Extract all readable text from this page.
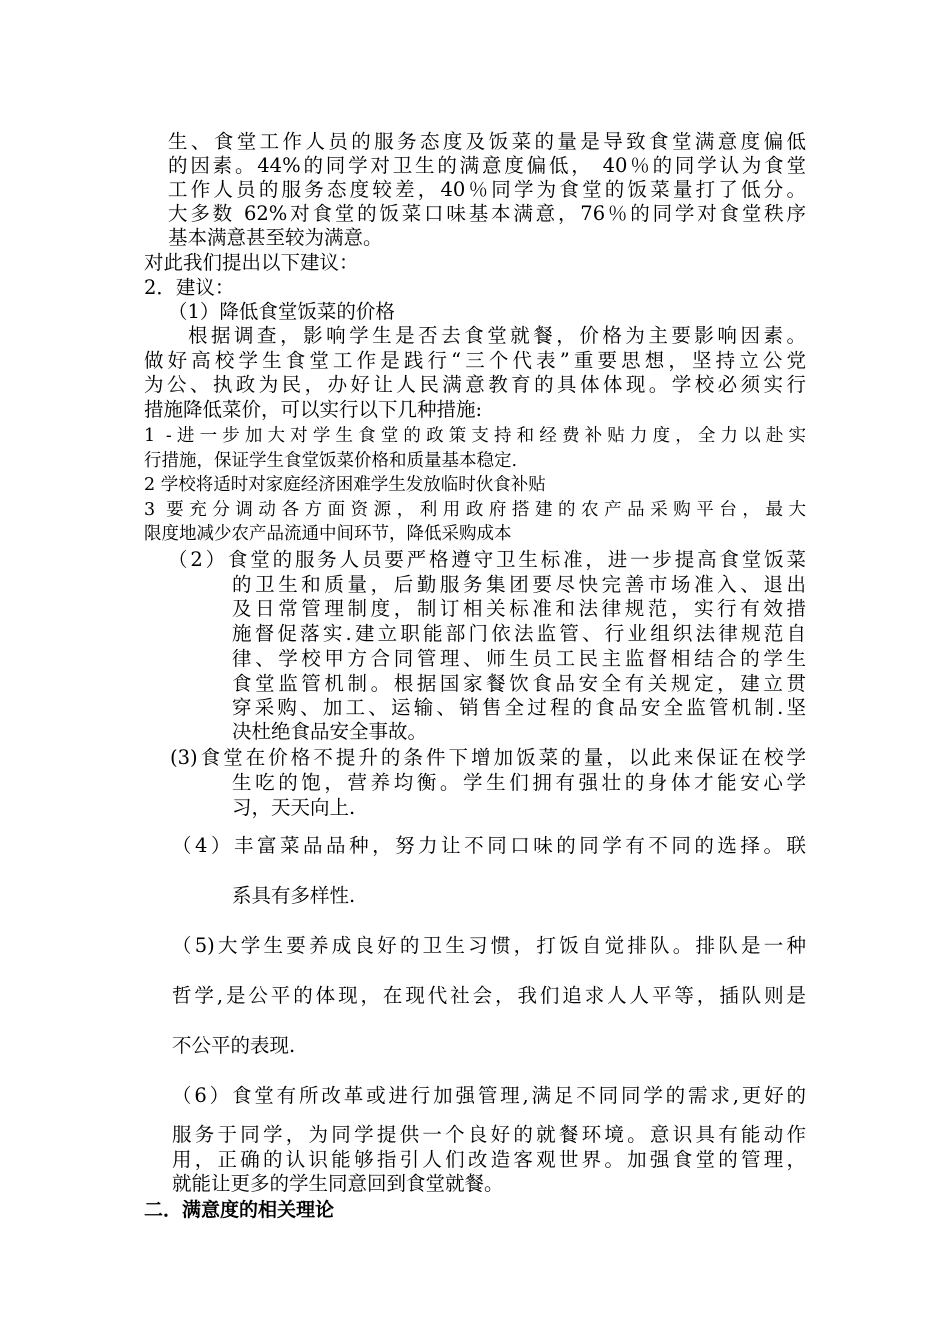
生、食堂工作人员的服务态度及饭菜的量是导致食堂满意度偏低

的因素。44%的同学对卫生的满意度偏低， 40％的同学认为食堂

工作人员的服务态度较差，40％同学为食堂的饭菜量打了低分。

大多数 62%对食堂的饭菜口味基本满意，76％的同学对食堂秩序

基本满意甚至较为满意。

对此我们提出以下建议：

2．建议：

（1）降低食堂饭菜的价格

根据调查，影响学生是否去食堂就餐，价格为主要影响因素。

做好高校学生食堂工作是践行“三个代表”重要思想，坚持立公党

为公、执政为民，办好让人民满意教育的具体体现。学校必须实行

措施降低菜价，可以实行以下几种措施:

1 -进一步加大对学生食堂的政策支持和经费补贴力度，全力以赴实

行措施，保证学生食堂饭菜价格和质量基本稳定.

2 学校将适时对家庭经济困难学生发放临时伙食补贴

3 要充分调动各方面资源，利用政府搭建的农产品采购平台，最大

限度地减少农产品流通中间环节，降低采购成本

（2）食堂的服务人员要严格遵守卫生标准，进一步提高食堂饭菜

的卫生和质量，后勤服务集团要尽快完善市场准入、退出

及日常管理制度，制订相关标准和法律规范，实行有效措

施督促落实.建立职能部门依法监管、行业组织法律规范自

律、学校甲方合同管理、师生员工民主监督相结合的学生

食堂监管机制。根据国家餐饮食品安全有关规定，建立贯

穿采购、加工、运输、销售全过程的食品安全监管机制.坚

决杜绝食品安全事故。

(3)食堂在价格不提升的条件下增加饭菜的量，以此来保证在校学

生吃的饱，营养均衡。学生们拥有强壮的身体才能安心学

习，天天向上.

（4）丰富菜品品种，努力让不同口味的同学有不同的选择。联

系具有多样性.

（5)大学生要养成良好的卫生习惯，打饭自觉排队。排队是一种

哲学,是公平的体现，在现代社会，我们追求人人平等，插队则是

不公平的表现.

（6）食堂有所改革或进行加强管理,满足不同同学的需求,更好的

服务于同学，为同学提供一个良好的就餐环境。意识具有能动作

用，正确的认识能够指引人们改造客观世界。加强食堂的管理，

就能让更多的学生同意回到食堂就餐。

二．满意度的相关理论
